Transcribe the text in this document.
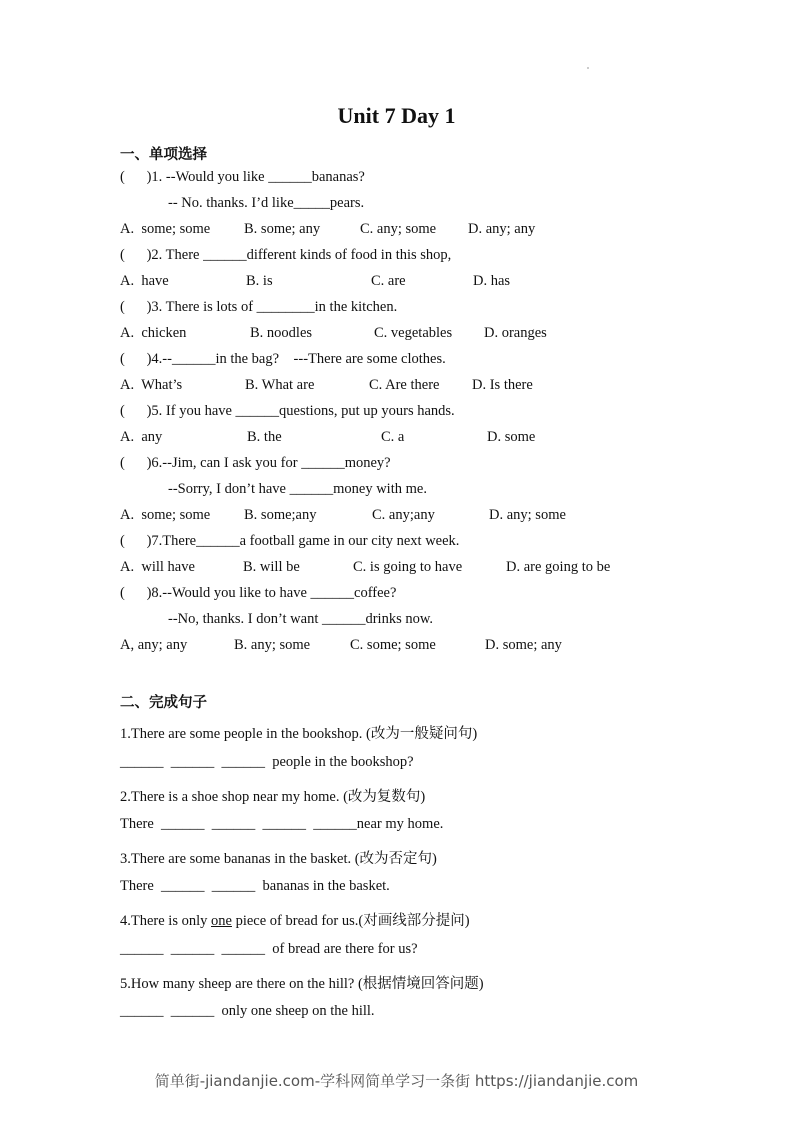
Unit 7 Day 1
一、单项选择
(      )1. --Would you like ______bananas?
-- No. thanks. I’d like_____pears.
A.  some; some B. some; any	C. any; some D. any; any
(      )2. There ______different kinds of food in this shop,
A.  have	B. is	C. are	D. has
(      )3. There is lots of ________in the kitchen.
A.  chicken	B. noodles	C. vegetables D. oranges
(      )4.--______in the bag?    ---There are some clothes.
A.  What’s	B. What are	C. Are there D. Is there
(      )5. If you have ______questions, put up yours hands.
A.  any	B. the	C. a	D. some
(      )6.--Jim, can I ask you for ______money?
--Sorry, I don’t have ______money with me.
A.  some; some B. some;any	C. any;any	D. any; some
(      )7.There______a football game in our city next week.
A.  will have	B. will be	C. is going to have	D. are going to be
(      )8.--Would you like to have ______coffee?
--No, thanks. I don’t want ______drinks now.
A, any; any	B. any; some	C. some; some	D. some; any
二、完成句子
1.There are some people in the bookshop. (改为一般疑问句)
______  ______  ______  people in the bookshop?
2.There is a shoe shop near my home. (改为复数句)
There  ______  ______  ______  ______near my home.
3.There are some bananas in the basket. (改为否定句)
There  ______  ______  bananas in the basket.
4.There is only one piece of bread for us.(对画线部分提问)
______  ______  ______  of bread are there for us?
5.How many sheep are there on the hill? (根据情境回答问题)
______  ______  only one sheep on the hill.
简单街-jiandanjie.com-学科网简单学习一条街 https://jiandanjie.com
